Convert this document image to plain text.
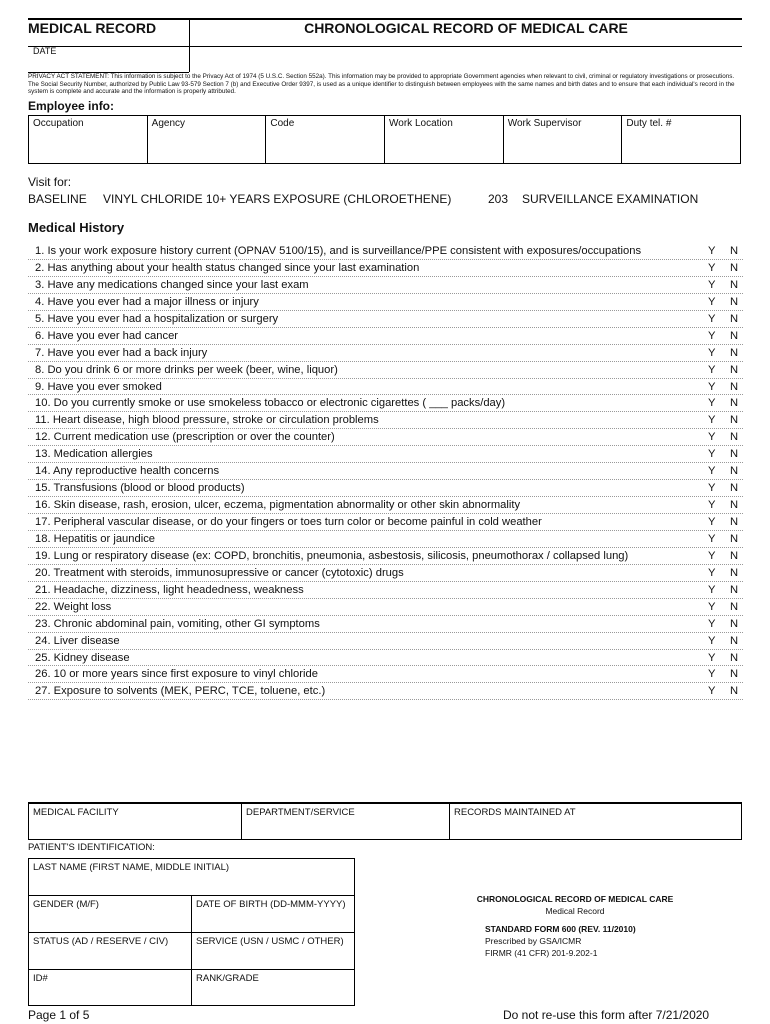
MEDICAL RECORD	CHRONOLOGICAL RECORD OF MEDICAL CARE
DATE
PRIVACY ACT STATEMENT: This information is subject to the Privacy Act of 1974 (5 U.S.C. Section 552a). This information may be provided to appropriate Government agencies when relevant to civil, criminal or regulatory investigations or prosecutions. The Social Security Number, authorized by Public Law 93-579 Section 7 (b) and Executive Order 9397, is used as a unique identifier to distinguish between employees with the same names and birth dates and to ensure that each individual's record in the system is complete and accurate and the information is properly attributed.
Employee info:
Occupation	Agency	Code	Work Location	Work Supervisor	Duty tel. #
Visit for:
BASELINE VINYL CHLORIDE 10+ YEARS EXPOSURE (CHLOROETHENE)	203 SURVEILLANCE EXAMINATION
Medical History
1. Is your work exposure history current (OPNAV 5100/15), and is surveillance/PPE consistent with exposures/occupations	Y N
2. Has anything about your health status changed since your last examination	Y N
3. Have any medications changed since your last exam	Y N
4. Have you ever had a major illness or injury	Y N
5. Have you ever had a hospitalization or surgery	Y N
6. Have you ever had cancer	Y N
7. Have you ever had a back injury	Y N
8. Do you drink 6 or more drinks per week (beer, wine, liquor)	Y N
9. Have you ever smoked	Y N
10. Do you currently smoke or use smokeless tobacco or electronic cigarettes ( ___ packs/day)	Y N
11. Heart disease, high blood pressure, stroke or circulation problems	Y N
12. Current medication use (prescription or over the counter)	Y N
13. Medication allergies	Y N
14. Any reproductive health concerns	Y N
15. Transfusions (blood or blood products)	Y N
16. Skin disease, rash, erosion, ulcer, eczema, pigmentation abnormality or other skin abnormality	Y N
17. Peripheral vascular disease, or do your fingers or toes turn color or become painful in cold weather	Y N
18. Hepatitis or jaundice	Y N
19. Lung or respiratory disease (ex: COPD, bronchitis, pneumonia, asbestosis, silicosis, pneumothorax / collapsed lung)	Y N
20. Treatment with steroids, immunosupressive or cancer (cytotoxic) drugs	Y N
21. Headache, dizziness, light headedness, weakness	Y N
22. Weight loss	Y N
23. Chronic abdominal pain, vomiting, other GI symptoms	Y N
24. Liver disease	Y N
25. Kidney disease	Y N
26. 10 or more years since first exposure to vinyl chloride	Y N
27. Exposure to solvents (MEK, PERC, TCE, toluene, etc.)	Y N
MEDICAL FACILITY	DEPARTMENT/SERVICE	RECORDS MAINTAINED AT
PATIENT'S IDENTIFICATION:
LAST NAME (FIRST NAME, MIDDLE INITIAL)
GENDER (M/F)	DATE OF BIRTH (DD-MMM-YYYY)
STATUS (AD / RESERVE / CIV)	SERVICE (USN / USMC / OTHER)
ID#	RANK/GRADE
CHRONOLOGICAL RECORD OF MEDICAL CARE
Medical Record
STANDARD FORM 600 (REV. 11/2010)
Prescribed by GSA/ICMR
FIRMR (41 CFR) 201-9.202-1
Page 1 of 5	Do not re-use this form after 7/21/2020
